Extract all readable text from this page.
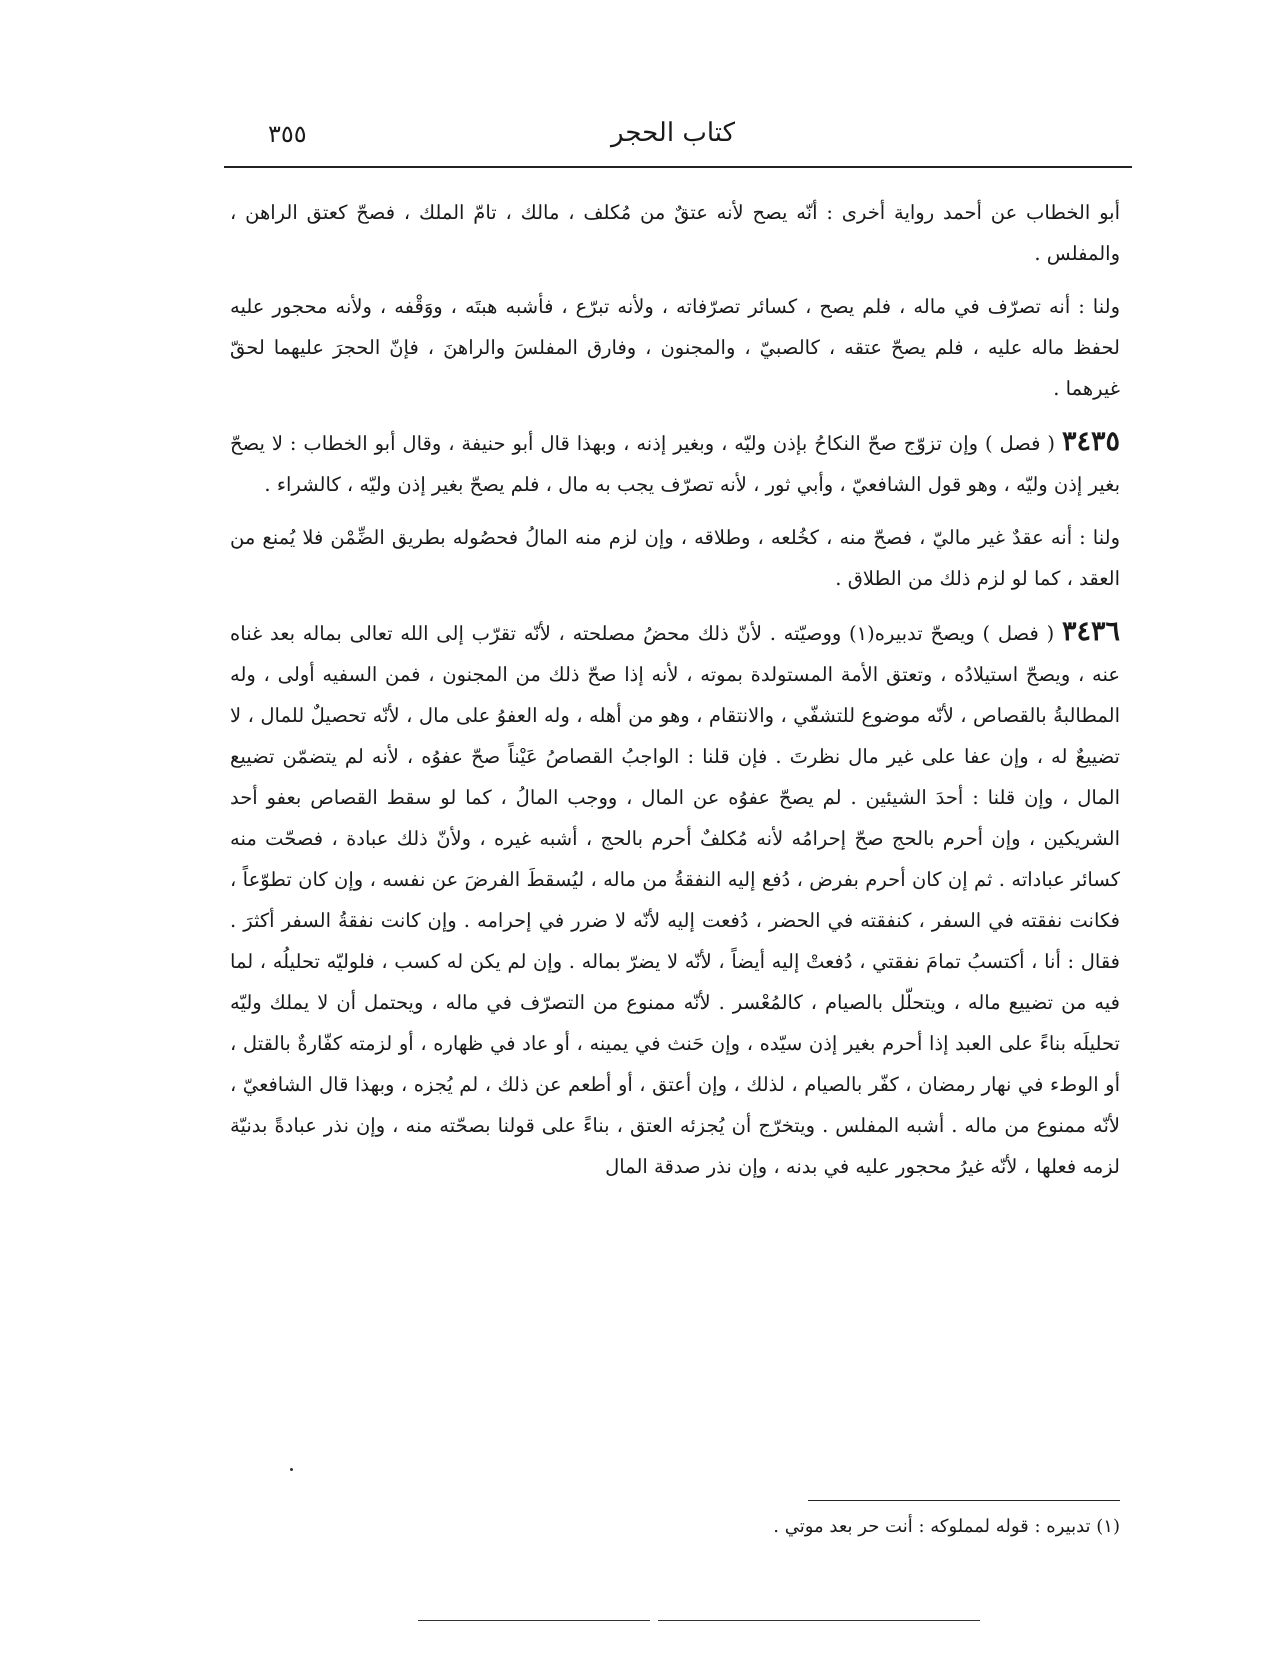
كتاب الحجر
٣٥٥

أبو الخطاب عن أحمد رواية أخرى : أنّه يصح لأنه عتقٌ من مُكلف ، مالك ، تامّ الملك ، فصحّ كعتق الراهن ، والمفلس .

ولنا : أنه تصرّف في ماله ، فلم يصح ، كسائر تصرّفاته ، ولأنه تبرّع ، فأشبه هبتَه ، ووَقْفه ، ولأنه محجور عليه لحفظ ماله عليه ، فلم يصحّ عتقه ، كالصبيّ ، والمجنون ، وفارق المفلسَ والراهنَ ، فإنّ الحجرَ عليهما لحقّ غيرهما .

٣٤٣٥ ( فصل ) وإن تزوّج صحّ النكاحُ بإذن وليّه ، وبغير إذنه ، وبهذا قال أبو حنيفة ، وقال أبو الخطاب : لا يصحّ بغير إذن وليّه ، وهو قول الشافعيّ ، وأبي ثور ، لأنه تصرّف يجب به مال ، فلم يصحّ بغير إذن وليّه ، كالشراء .

ولنا : أنه عقدٌ غير ماليّ ، فصحّ منه ، كخُلعه ، وطلاقه ، وإن لزم منه المالُ فحصُوله بطريق الضِّمْن فلا يُمنع من العقد ، كما لو لزم ذلك من الطلاق .

٣٤٣٦ ( فصل ) ويصحّ تدبيره(١) ووصيّته . لأنّ ذلك محضُ مصلحته ، لأنّه تقرّب إلى الله تعالى بماله بعد غناه عنه ، ويصحّ استيلادُه ، وتعتق الأمة المستولدة بموته ، لأنه إذا صحّ ذلك من المجنون ، فمن السفيه أولى ، وله المطالبةُ بالقصاص ، لأنّه موضوع للتشفّي ، والانتقام ، وهو من أهله ، وله العفوُ على مال ، لأنّه تحصيلٌ للمال ، لا تضييعٌ له ، وإن عفا على غير مال نظرتَ . فإن قلنا : الواجبُ القصاصُ عَيْناً صحّ عفوُه ، لأنه لم يتضمّن تضييع المال ، وإن قلنا : أحدَ الشيئين . لم يصحّ عفوُه عن المال ، ووجب المالُ ، كما لو سقط القصاص بعفو أحد الشريكين ، وإن أحرم بالحج صحّ إحرامُه لأنه مُكلفٌ أحرم بالحج ، أشبه غيره ، ولأنّ ذلك عبادة ، فصحّت منه كسائر عباداته . ثم إن كان أحرم بفرض ، دُفع إليه النفقةُ من ماله ، ليُسقطَ الفرضَ عن نفسه ، وإن كان تطوّعاً ، فكانت نفقته في السفر ، كنفقته في الحضر ، دُفعت إليه لأنّه لا ضرر في إحرامه . وإن كانت نفقةُ السفر أكثرَ . فقال : أنا ، أكتسبُ تمامَ نفقتي ، دُفعتْ إليه أيضاً ، لأنّه لا يضرّ بماله . وإن لم يكن له كسب ، فلوليّه تحليلُه ، لما فيه من تضييع ماله ، ويتحلّل بالصيام ، كالمُعْسر . لأنّه ممنوع من التصرّف في ماله ، ويحتمل أن لا يملك وليّه تحليلَه بناءً على العبد إذا أحرم بغير إذن سيّده ، وإن حَنث في يمينه ، أو عاد في ظهاره ، أو لزمته كفّارةٌ بالقتل ، أو الوطء في نهار رمضان ، كفّر بالصيام ، لذلك ، وإن أعتق ، أو أطعم عن ذلك ، لم يُجزه ، وبهذا قال الشافعيّ ، لأنّه ممنوع من ماله . أشبه المفلس . ويتخرّج أن يُجزئه العتق ، بناءً على قولنا بصحّته منه ، وإن نذر عبادةً بدنيّة لزمه فعلها ، لأنّه غيرُ محجور عليه في بدنه ، وإن نذر صدقة المال

(١) تدبيره : قوله لمملوكه : أنت حر بعد موتي .
